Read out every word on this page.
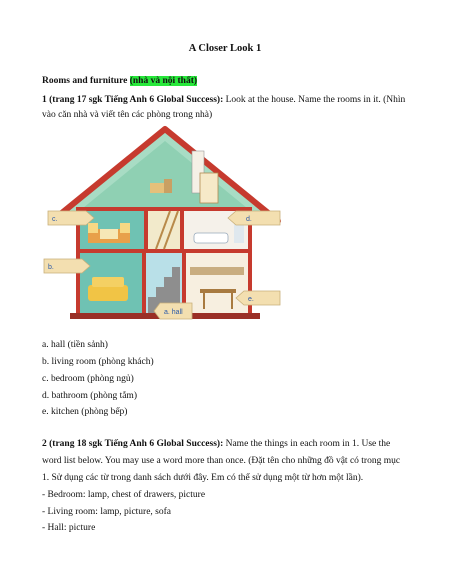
A Closer Look 1
Rooms and furniture (nhà và nội thất)
1 (trang 17 sgk Tiếng Anh 6 Global Success): Look at the house. Name the rooms in it. (Nhìn
vào căn nhà và viết tên các phòng trong nhà)
c.	d.
b.
e.
a. hall
a. hall (tiền sảnh)
b. living room (phòng khách)
c. bedroom (phòng ngủ)
d. bathroom (phòng tắm)
e. kitchen (phòng bếp)
2 (trang 18 sgk Tiếng Anh 6 Global Success): Name the things in each room in 1. Use the
word list below. You may use a word more than once. (Đặt tên cho những đồ vật có trong mục
1. Sử dụng các từ trong danh sách dưới đây. Em có thể sử dụng một từ hơn một lần).
- Bedroom: lamp, chest of drawers, picture
- Living room: lamp, picture, sofa
- Hall: picture
